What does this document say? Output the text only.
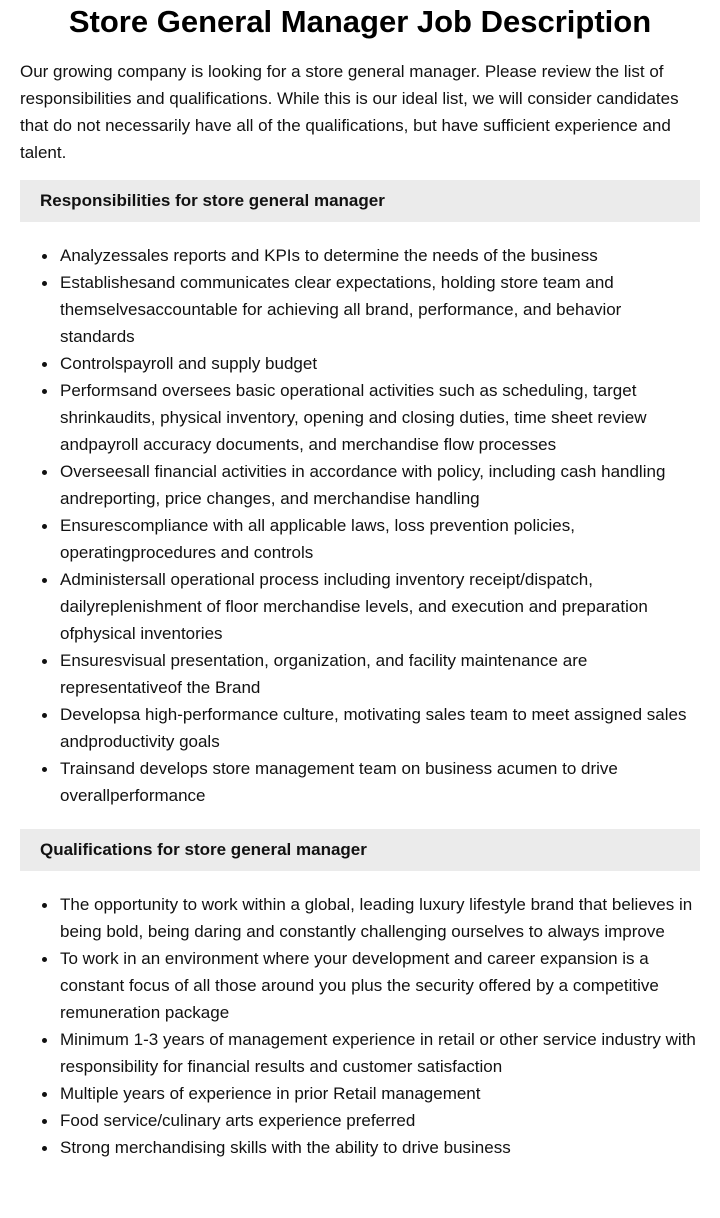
Store General Manager Job Description

Our growing company is looking for a store general manager. Please review the list of responsibilities and qualifications. While this is our ideal list, we will consider candidates that do not necessarily have all of the qualifications, but have sufficient experience and talent.

Responsibilities for store general manager
Analyzessales reports and KPIs to determine the needs of the business
Establishesand communicates clear expectations, holding store team and themselvesaccountable for achieving all brand, performance, and behavior standards
Controlspayroll and supply budget
Performsand oversees basic operational activities such as scheduling, target shrinkaudits, physical inventory, opening and closing duties, time sheet review andpayroll accuracy documents, and merchandise flow processes
Overseesall financial activities in accordance with policy, including cash handling andreporting, price changes, and merchandise handling
Ensurescompliance with all applicable laws, loss prevention policies, operatingprocedures and controls
Administersall operational process including inventory receipt/dispatch, dailyreplenishment of floor merchandise levels, and execution and preparation ofphysical inventories
Ensuresvisual presentation, organization, and facility maintenance are representativeof the Brand
Developsa high-performance culture, motivating sales team to meet assigned sales andproductivity goals
Trainsand develops store management team on business acumen to drive overallperformance
Qualifications for store general manager
The opportunity to work within a global, leading luxury lifestyle brand that believes in being bold, being daring and constantly challenging ourselves to always improve
To work in an environment where your development and career expansion is a constant focus of all those around you plus the security offered by a competitive remuneration package
Minimum 1-3 years of management experience in retail or other service industry with responsibility for financial results and customer satisfaction
Multiple years of experience in prior Retail management
Food service/culinary arts experience preferred
Strong merchandising skills with the ability to drive business
